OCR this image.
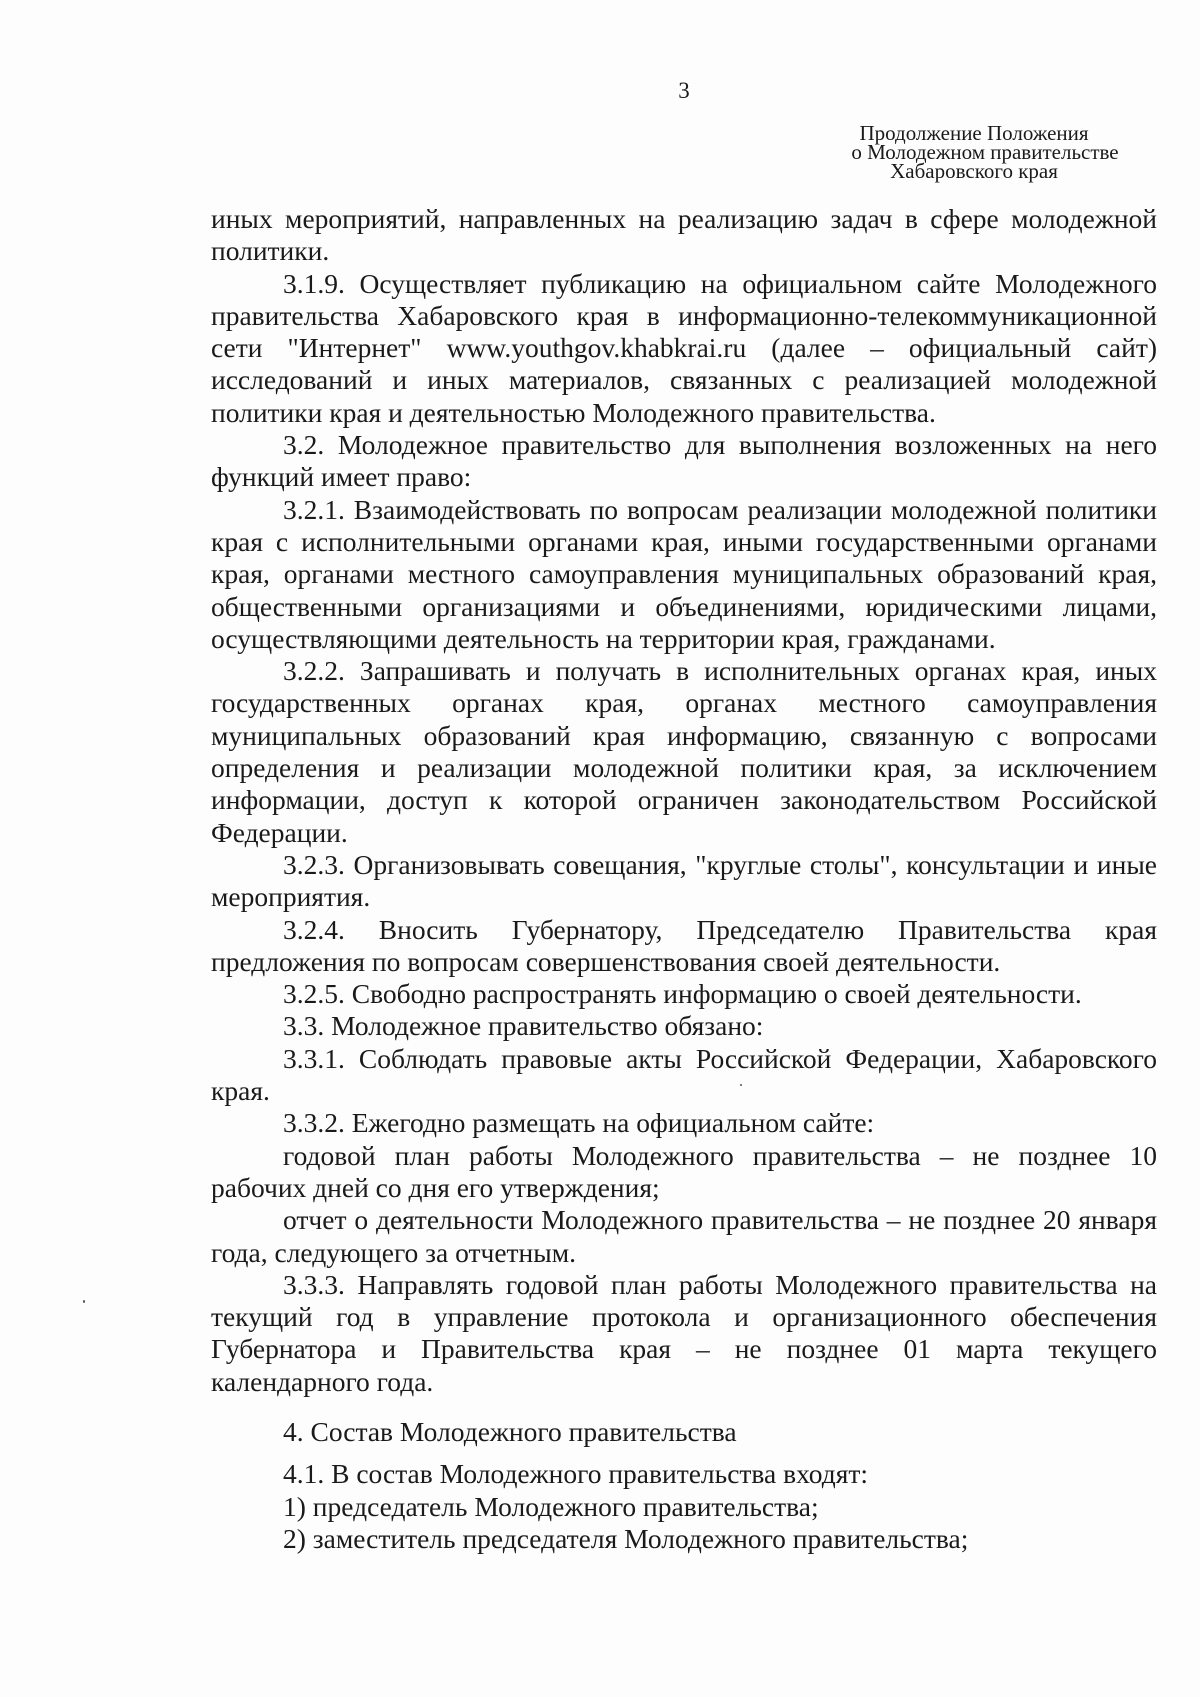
3
Продолжение Положения
о Молодежном правительстве
Хабаровского края

иных мероприятий, направленных на реализацию задач в сфере молодежной политики.

3.1.9. Осуществляет публикацию на официальном сайте Молодежного правительства Хабаровского края в информационно-телекоммуникационной сети "Интернет" www.youthgov.khabkrai.ru (далее – официальный сайт) исследований и иных материалов, связанных с реализацией молодежной политики края и деятельностью Молодежного правительства.

3.2. Молодежное правительство для выполнения возложенных на него функций имеет право:

3.2.1. Взаимодействовать по вопросам реализации молодежной политики края с исполнительными органами края, иными государственными органами края, органами местного самоуправления муниципальных образований края, общественными организациями и объединениями, юридическими лицами, осуществляющими деятельность на территории края, гражданами.

3.2.2. Запрашивать и получать в исполнительных органах края, иных государственных органах края, органах местного самоуправления муниципальных образований края информацию, связанную с вопросами определения и реализации молодежной политики края, за исключением информации, доступ к которой ограничен законодательством Российской Федерации.

3.2.3. Организовывать совещания, "круглые столы", консультации и иные мероприятия.

3.2.4. Вносить Губернатору, Председателю Правительства края предложения по вопросам совершенствования своей деятельности.

3.2.5. Свободно распространять информацию о своей деятельности.

3.3. Молодежное правительство обязано:

3.3.1. Соблюдать правовые акты Российской Федерации, Хабаровского края.

3.3.2. Ежегодно размещать на официальном сайте:

годовой план работы Молодежного правительства – не позднее 10 рабочих дней со дня его утверждения;

отчет о деятельности Молодежного правительства – не позднее 20 января года, следующего за отчетным.

3.3.3. Направлять годовой план работы Молодежного правительства на текущий год в управление протокола и организационного обеспечения Губернатора и Правительства края – не позднее 01 марта текущего календарного года.

4. Состав Молодежного правительства

4.1. В состав Молодежного правительства входят:

1) председатель Молодежного правительства;

2) заместитель председателя Молодежного правительства;
